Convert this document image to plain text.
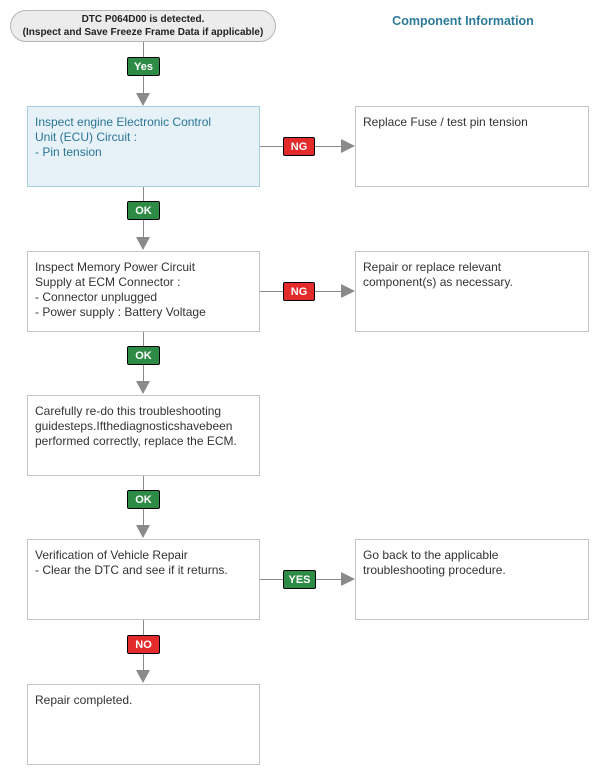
DTC P064D00 is detected.
(Inspect and Save Freeze Frame Data if applicable)
Component Information
Yes
Inspect engine Electronic Control
Unit (ECU) Circuit :
- Pin tension	NG
Replace Fuse / test pin tension
OK
Inspect Memory Power Circuit
Supply at ECM Connector :
- Connector unplugged
- Power supply : Battery Voltage
NG
Repair or replace relevant
component(s) as necessary.
OK
Carefully re-do this troubleshooting
guidesteps.Ifthediagnosticshavebeen
performed correctly, replace the ECM.
OK
Verification of Vehicle Repair
- Clear the DTC and see if it returns.
YES
Go back to the applicable
troubleshooting procedure.
NO
Repair completed.
